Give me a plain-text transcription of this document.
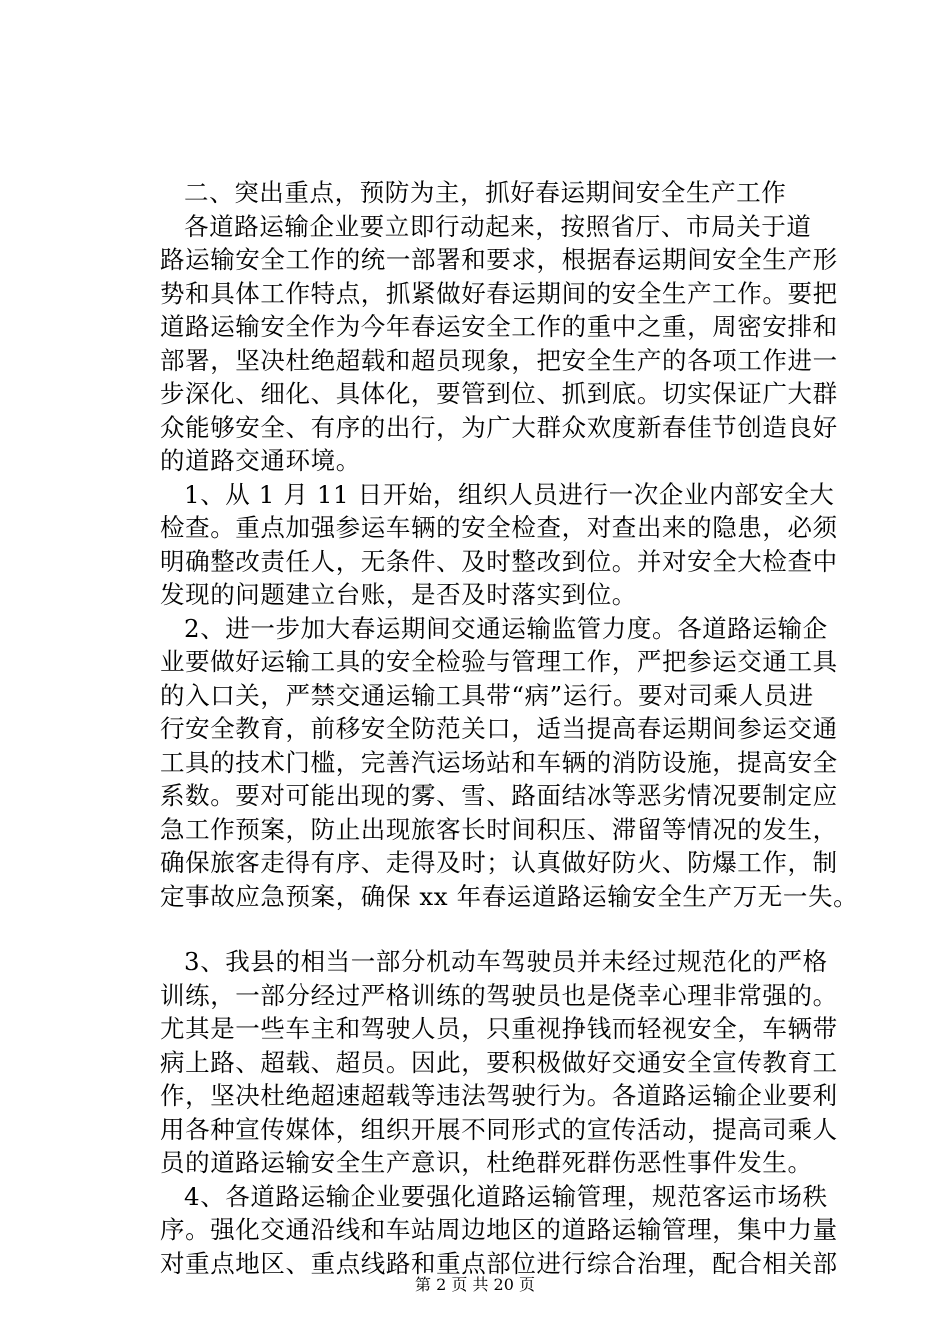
二、突出重点，预防为主，抓好春运期间安全生产工作
各道路运输企业要立即行动起来，按照省厅、市局关于道
路运输安全工作的统一部署和要求，根据春运期间安全生产形
势和具体工作特点，抓紧做好春运期间的安全生产工作。要把
道路运输安全作为今年春运安全工作的重中之重，周密安排和
部署，坚决杜绝超载和超员现象，把安全生产的各项工作进一
步深化、细化、具体化，要管到位、抓到底。切实保证广大群
众能够安全、有序的出行，为广大群众欢度新春佳节创造良好
的道路交通环境。
1、从 1 月 11 日开始，组织人员进行一次企业内部安全大
检查。重点加强参运车辆的安全检查，对查出来的隐患，必须
明确整改责任人，无条件、及时整改到位。并对安全大检查中
发现的问题建立台账，是否及时落实到位。
2、进一步加大春运期间交通运输监管力度。各道路运输企
业要做好运输工具的安全检验与管理工作，严把参运交通工具
的入口关，严禁交通运输工具带“病”运行。要对司乘人员进
行安全教育，前移安全防范关口，适当提高春运期间参运交通
工具的技术门槛，完善汽运场站和车辆的消防设施，提高安全
系数。要对可能出现的雾、雪、路面结冰等恶劣情况要制定应
急工作预案，防止出现旅客长时间积压、滞留等情况的发生，
确保旅客走得有序、走得及时；认真做好防火、防爆工作，制
定事故应急预案，确保 xx 年春运道路运输安全生产万无一失。
3、我县的相当一部分机动车驾驶员并未经过规范化的严格
训练，一部分经过严格训练的驾驶员也是侥幸心理非常强的。
尤其是一些车主和驾驶人员，只重视挣钱而轻视安全，车辆带
病上路、超载、超员。因此，要积极做好交通安全宣传教育工
作，坚决杜绝超速超载等违法驾驶行为。各道路运输企业要利
用各种宣传媒体，组织开展不同形式的宣传活动，提高司乘人
员的道路运输安全生产意识，杜绝群死群伤恶性事件发生。
4、各道路运输企业要强化道路运输管理，规范客运市场秩
序。强化交通沿线和车站周边地区的道路运输管理，集中力量
对重点地区、重点线路和重点部位进行综合治理，配合相关部
第 2 页 共 20 页
